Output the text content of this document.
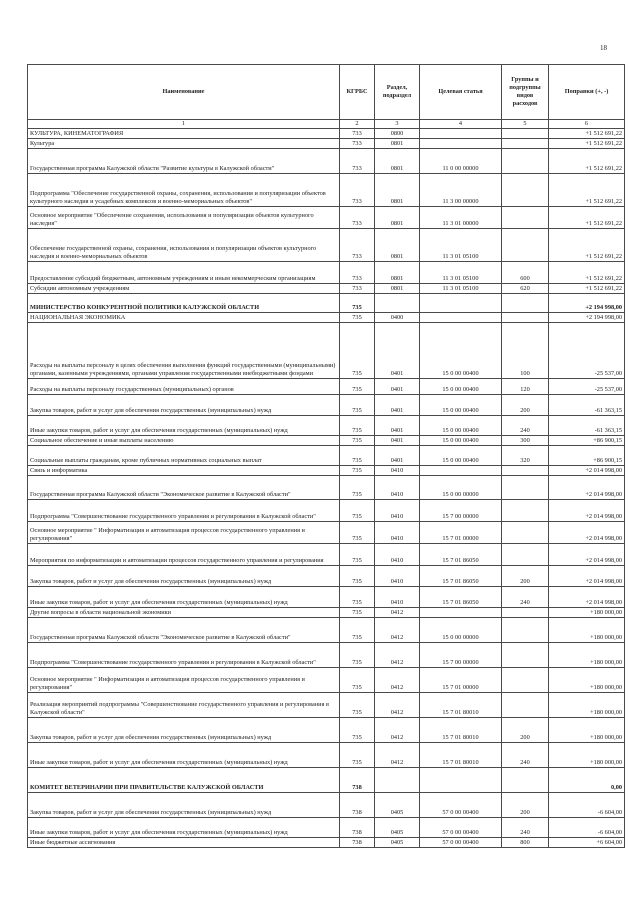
18
Наименование	КГРБС	Раздел, подраздел	Целевая статья	Группы и подгруппы видов расходов	Поправки (+, -)
1	2	3	4	5	6
КУЛЬТУРА, КИНЕМАТОГРАФИЯ	733	0800			+1 512 691,22
Культура	733	0801			+1 512 691,22
Государственная программа Калужской области "Развитие культуры в Калужской области"	733	0801	11 0 00 00000		+1 512 691,22
Подпрограмма "Обеспечение государственной охраны, сохранения, использования и популяризации объектов культурного наследия и усадебных комплексов и военно-мемориальных объектов"	733	0801	11 3 00 00000		+1 512 691,22
Основное мероприятие "Обеспечение сохранения, использования и популяризации объектов культурного наследия"	733	0801	11 3 01 00000		+1 512 691,22
Обеспечение государственной охраны, сохранения, использования и популяризации объектов культурного наследия и военно-мемориальных объектов	733	0801	11 3 01 05100		+1 512 691,22
Предоставление субсидий бюджетным, автономным учреждениям и иным некоммерческим организациям	733	0801	11 3 01 05100	600	+1 512 691,22
Субсидии автономным учреждениям	733	0801	11 3 01 05100	620	+1 512 691,22
МИНИСТЕРСТВО КОНКУРЕНТНОЙ ПОЛИТИКИ КАЛУЖСКОЙ ОБЛАСТИ	735				+2 194 998,00
НАЦИОНАЛЬНАЯ ЭКОНОМИКА	735	0400			+2 194 998,00
Расходы на выплаты персоналу в целях обеспечения выполнения функций государственными (муниципальными) органами, казенными учреждениями, органами управления государственными внебюджетными фондами	735	0401	15 0 00 00400	100	-25 537,00
Расходы на выплаты персоналу государственных (муниципальных) органов	735	0401	15 0 00 00400	120	-25 537,00
Закупка товаров, работ и услуг для обеспечения государственных (муниципальных) нужд	735	0401	15 0 00 00400	200	-61 363,15
Иные закупки товаров, работ и услуг для обеспечения государственных (муниципальных) нужд	735	0401	15 0 00 00400	240	-61 363,15
Социальное обеспечение и иные выплаты населению	735	0401	15 0 00 00400	300	+86 900,15
Социальные выплаты гражданам, кроме публичных нормативных социальных выплат	735	0401	15 0 00 00400	320	+86 900,15
Связь и информатика	735	0410			+2 014 998,00
Государственная программа Калужской области "Экономическое развитие в Калужской области"	735	0410	15 0 00 00000		+2 014 998,00
Подпрограмма "Совершенствование государственного управления и регулирования в Калужской области"	735	0410	15 7 00 00000		+2 014 998,00
Основное мероприятие " Информатизация и автоматизация процессов государственного управления и регулирования"	735	0410	15 7 01 00000		+2 014 998,00
Мероприятия по информатизации и автоматизации процессов государственного управления и регулирования	735	0410	15 7 01 86050		+2 014 998,00
Закупка товаров, работ и услуг для обеспечения государственных (муниципальных) нужд	735	0410	15 7 01 86050	200	+2 014 998,00
Иные закупки товаров, работ и услуг для обеспечения государственных (муниципальных) нужд	735	0410	15 7 01 86050	240	+2 014 998,00
Другие вопросы в области национальной экономики	735	0412			+180 000,00
Государственная программа Калужской области "Экономическое развитие в Калужской области"	735	0412	15 0 00 00000		+180 000,00
Подпрограмма "Совершенствование государственного управления и регулирования в Калужской области"	735	0412	15 7 00 00000		+180 000,00
Основное мероприятие " Информатизация и автоматизация процессов государственного управления и регулирования"	735	0412	15 7 01 00000		+180 000,00
Реализация мероприятий подпрограммы "Совершенствование государственного управления и регулирования в Калужской области"	735	0412	15 7 01 80010		+180 000,00
Закупка товаров, работ и услуг для обеспечения государственных (муниципальных) нужд	735	0412	15 7 01 80010	200	+180 000,00
Иные закупки товаров, работ и услуг для обеспечения государственных (муниципальных) нужд	735	0412	15 7 01 80010	240	+180 000,00
КОМИТЕТ ВЕТЕРИНАРИИ ПРИ ПРАВИТЕЛЬСТВЕ КАЛУЖСКОЙ ОБЛАСТИ	738				0,00
Закупка товаров, работ и услуг для обеспечения государственных (муниципальных) нужд	738	0405	57 0 00 00400	200	-6 604,00
Иные закупки товаров, работ и услуг для обеспечения государственных (муниципальных) нужд	738	0405	57 0 00 00400	240	-6 604,00
Иные бюджетные ассигнования	738	0405	57 0 00 00400	800	+6 604,00
